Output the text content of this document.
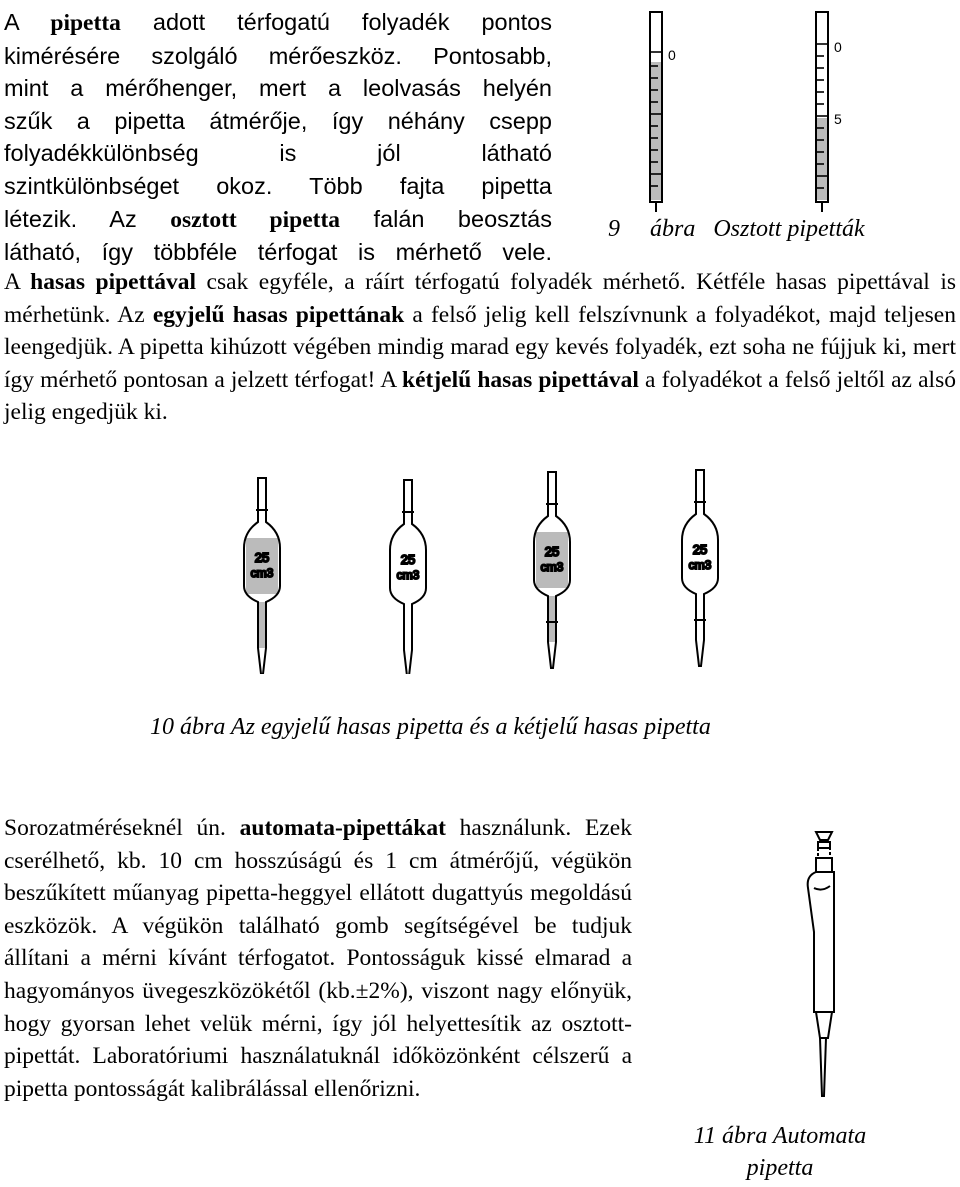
A pipetta adott térfogatú folyadék pontos
kimérésére szolgáló mérőeszköz. Pontosabb,
mint a mérőhenger, mert a leolvasás helyén
szűk a pipetta átmérője, így néhány csepp
folyadékkülönbség is jól látható
szintkülönbséget okoz. Több fajta pipetta
létezik. Az osztott pipetta falán beosztás
látható, így többféle térfogat is mérhető vele.
0	0
5
9     ábra   Osztott pipetták
A hasas pipettával csak egyféle, a ráírt térfogatú folyadék mérhető. Kétféle hasas pipettával is mérhetünk. Az egyjelű hasas pipettának a felső jelig kell felszívnunk a folyadékot, majd teljesen leengedjük. A pipetta kihúzott végében mindig marad egy kevés folyadék, ezt soha ne fújjuk ki, mert így mérhető pontosan a jelzett térfogat! A kétjelű hasas pipettával a folyadékot a felső jeltől az alsó jelig engedjük ki.
25
cm3
25
cm3
25
cm3
25
cm3
10 ábra Az egyjelű hasas pipetta és a kétjelű hasas pipetta
Sorozatméréseknél ún. automata-pipettákat használunk. Ezek cserélhető, kb. 10 cm hosszúságú és 1 cm átmérőjű, végükön beszűkített műanyag pipetta-heggyel ellátott dugattyús megoldású eszközök. A végükön található gomb segítségével be tudjuk állítani a mérni kívánt térfogatot. Pontosságuk kissé elmarad a hagyományos üvegeszközökétől (kb.±2%), viszont nagy előnyük, hogy gyorsan lehet velük mérni, így jól helyettesítik az osztott-pipettát. Laboratóriumi használatuknál időközönként célszerű a pipetta pontosságát kalibrálással ellenőrizni.
11 ábra Automata
pipetta
